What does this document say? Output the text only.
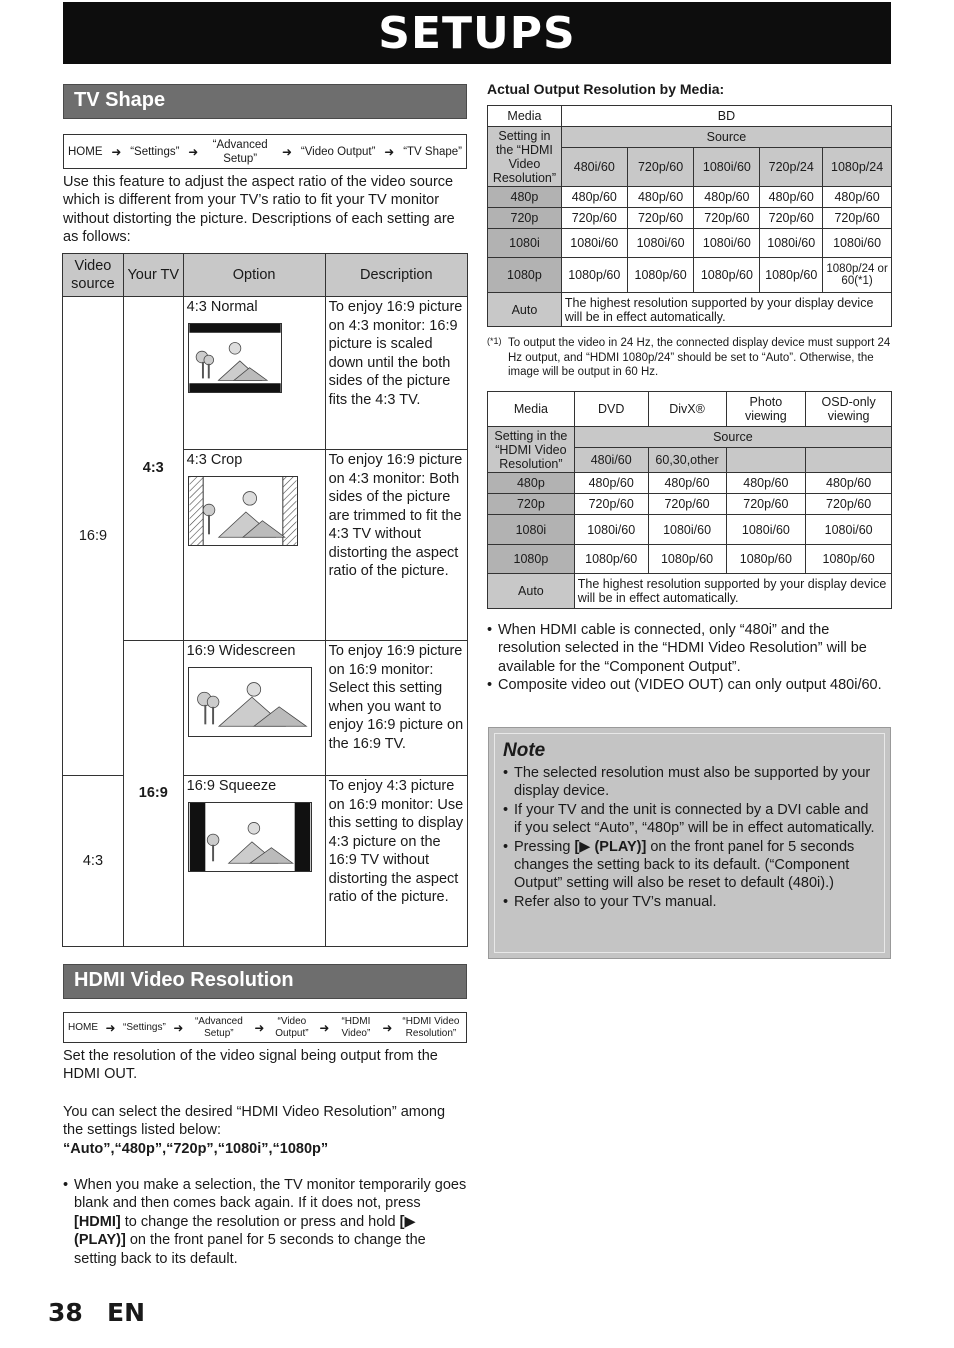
SETUPS
TV Shape
HOME ➜ “Settings” ➜	“Advanced Setup”	➜ “Video Output” ➜ “TV Shape”
Use this feature to adjust the aspect ratio of the video source which is different from your TV’s ratio to fit your TV monitor without distorting the picture. Descriptions of each setting are as follows:
Video source	Your TV	Option	Description
16:9	4:3	4:3 Normal	To enjoy 16:9 picture on 4:3 monitor: 16:9 picture is scaled down until the both sides of the picture fits the 4:3 TV.
		4:3 Crop	To enjoy 16:9 picture on 4:3 monitor: Both sides of the picture are trimmed to fit the 4:3 TV without distorting the aspect ratio of the picture.
	16:9	16:9 Widescreen	To enjoy 16:9 picture on 16:9 monitor: Select this setting when you want to enjoy 16:9 picture on the 16:9 TV.
4:3		16:9 Squeeze	To enjoy 4:3 picture on 16:9 monitor: Use this setting to display 4:3 picture on the 16:9 TV without distorting the aspect ratio of the picture.
HDMI Video Resolution
HOME ➜ “Settings” ➜	“Advanced Setup”	➜	“Video Output” ➜	“HDMI Video”	➜ “HDMI Video Resolution”
Set the resolution of the video signal being output from the HDMI OUT.
You can select the desired “HDMI Video Resolution” among the settings listed below:
“Auto”,“480p”,“720p”,“1080i”,“1080p”
• When you make a selection, the TV monitor temporarily goes blank and then comes back again. If it does not, press [HDMI] to change the resolution or press and hold [▶ (PLAY)] on the front panel for 5 seconds to change the setting back to its default.
Actual Output Resolution by Media:
Media	BD				
Setting in the “HDMI Video Resolution”	Source				
	480i/60	720p/60	1080i/60	720p/24	1080p/24
480p	480p/60	480p/60	480p/60	480p/60	480p/60
720p	720p/60	720p/60	720p/60	720p/60	720p/60
1080i	1080i/60	1080i/60	1080i/60	1080i/60	1080i/60
1080p	1080p/60	1080p/60	1080p/60	1080p/60	1080p/24 or 60(*1)
Auto	The highest resolution supported by your display device will be in effect automatically.				
(*1) To output the video in 24 Hz, the connected display device must support 24 Hz output, and “HDMI 1080p/24” should be set to “Auto”. Otherwise, the image will be output in 60 Hz.
Media	DVD	DivX®	Photo viewing	OSD-only viewing
Setting in the “HDMI Video Resolution”	Source			
	480i/60	60,30,other		
480p	480p/60	480p/60	480p/60	480p/60
720p	720p/60	720p/60	720p/60	720p/60
1080i	1080i/60	1080i/60	1080i/60	1080i/60
1080p	1080p/60	1080p/60	1080p/60	1080p/60
Auto	The highest resolution supported by your display device will be in effect automatically.			
• When HDMI cable is connected, only “480i” and the resolution selected in the “HDMI Video Resolution” will be available for the “Component Output”.
• Composite video out (VIDEO OUT) can only output 480i/60.
Note
• The selected resolution must also be supported by your display device.
• If your TV and the unit is connected by a DVI cable and if you select “Auto”, “480p” will be in effect automatically.
• Pressing [▶ (PLAY)] on the front panel for 5 seconds changes the setting back to its default. (“Component Output” setting will also be reset to default (480i).)
• Refer also to your TV’s manual.
38 EN
